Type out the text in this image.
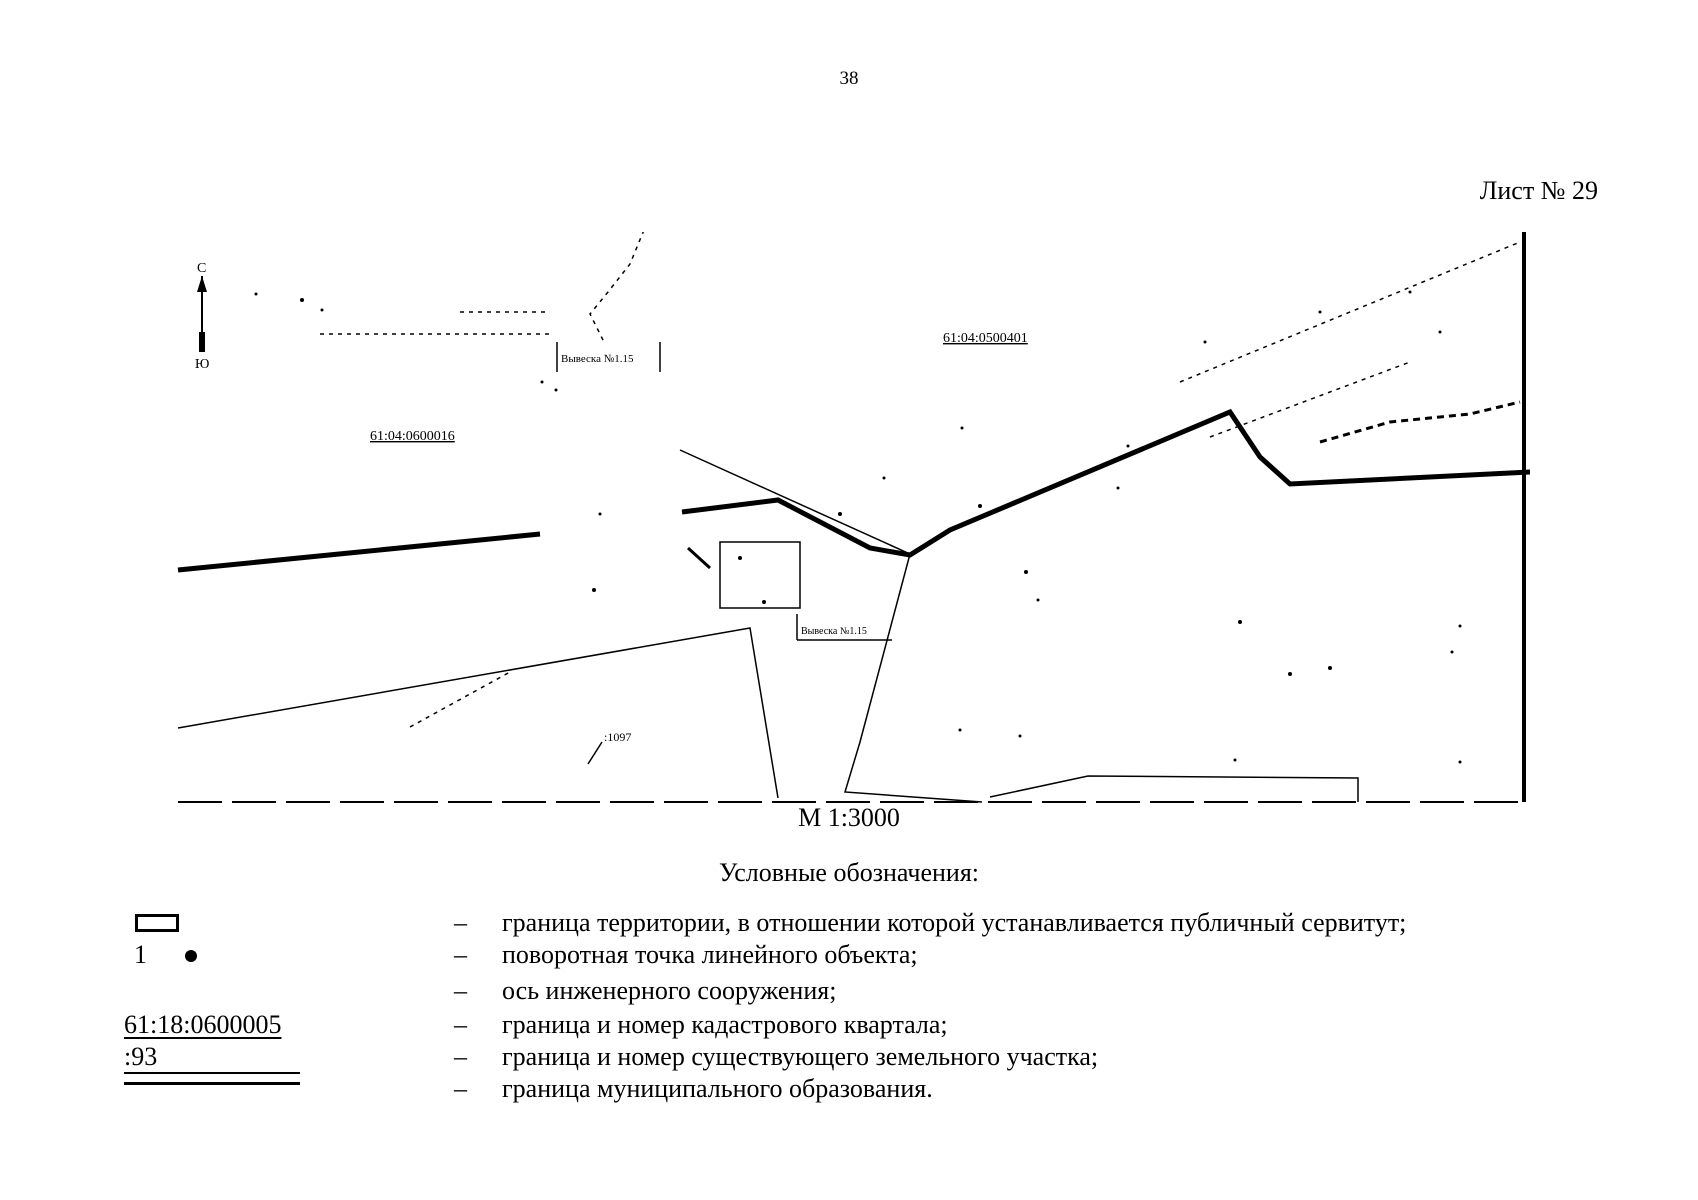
38
Лист № 29
С
Ю	Вывеска №1.15
Вывеска №1.15
61:04:0600016
61:04:0500401
:1097
М 1:3000
Условные обозначения:
– граница территории, в отношении которой устанавливается публичный сервитут;
1	– поворотная точка линейного объекта;
– ось инженерного сооружения;
61:18:0600005	– граница и номер кадастрового квартала;
:93	– граница и номер существующего земельного участка;
– граница муниципального образования.
